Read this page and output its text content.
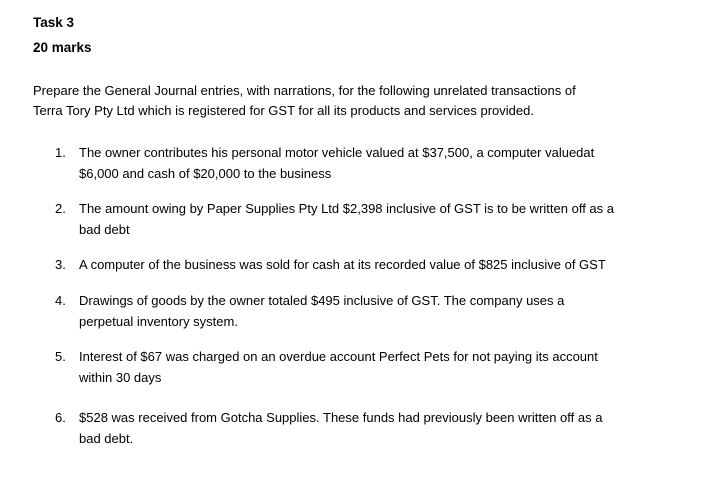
Task 3
20 marks
Prepare the General Journal entries, with narrations, for the following unrelated transactions of
Terra Tory Pty Ltd which is registered for GST for all its products and services provided.
1.	The owner contributes his personal motor vehicle valued at $37,500, a computer valuedat
$6,000 and cash of $20,000 to the business
2.	The amount owing by Paper Supplies Pty Ltd $2,398 inclusive of GST is to be written off as a
bad debt
3.	A computer of the business was sold for cash at its recorded value of $825 inclusive of GST
4.	Drawings of goods by the owner totaled $495 inclusive of GST. The company uses a
perpetual inventory system.
5.	Interest of $67 was charged on an overdue account Perfect Pets for not paying its account
within 30 days
6.	$528 was received from Gotcha Supplies. These funds had previously been written off as a
bad debt.
